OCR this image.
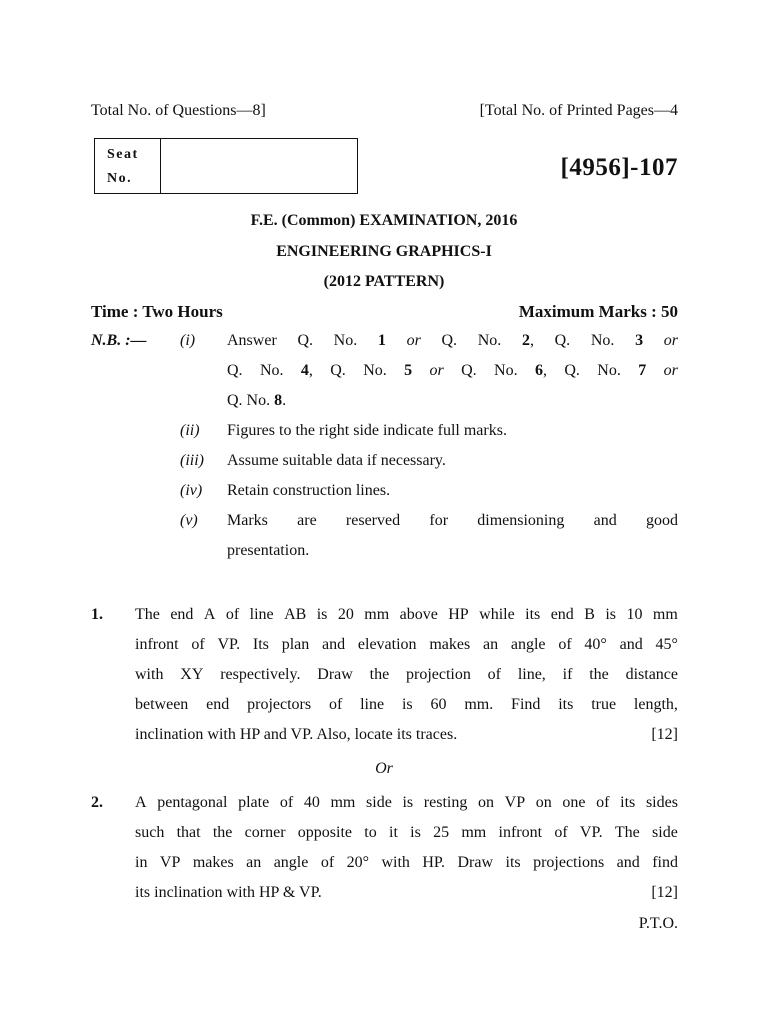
Total No. of Questions—8]	[Total No. of Printed Pages—4
Seat
No.	[4956]-107
F.E. (Common) EXAMINATION, 2016
ENGINEERING GRAPHICS-I
(2012 PATTERN)
Time : Two Hours	Maximum Marks : 50
N.B. :— (i) Answer Q. No. 1 or Q. No. 2, Q. No. 3 or
Q. No. 4, Q. No. 5 or Q. No. 6, Q. No. 7 or
Q. No. 8.
(ii) Figures to the right side indicate full marks.
(iii) Assume suitable data if necessary.
(iv) Retain construction lines.
(v) Marks are reserved for dimensioning and good
presentation.
1. The end A of line AB is 20 mm above HP while its end B is 10 mm
infront of VP. Its plan and elevation makes an angle of 40° and 45°
with XY respectively. Draw the projection of line, if the distance
between end projectors of line is 60 mm. Find its true length,
inclination with HP and VP. Also, locate its traces.	[12]
Or
2. A pentagonal plate of 40 mm side is resting on VP on one of its sides
such that the corner opposite to it is 25 mm infront of VP. The side
in VP makes an angle of 20° with HP. Draw its projections and find
its inclination with HP & VP.	[12]
P.T.O.
